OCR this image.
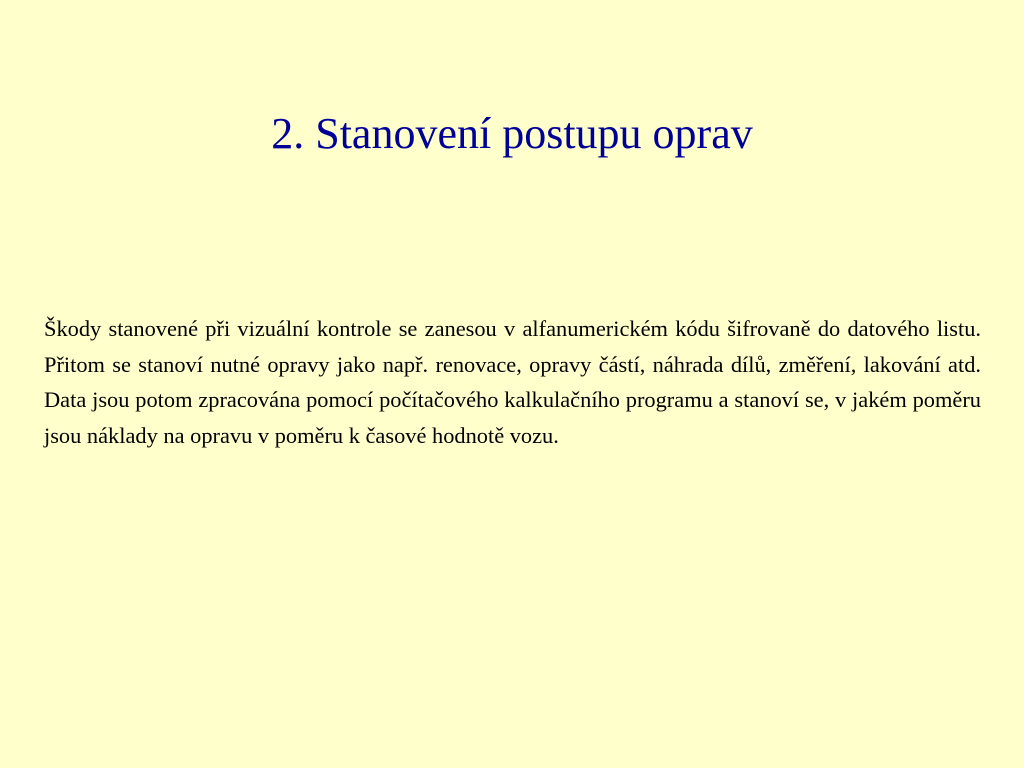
2. Stanovení postupu oprav

Škody stanovené při vizuální kontrole se zanesou v alfanumerickém kódu šifrovaně do datového listu. Přitom se stanoví nutné opravy jako např. renovace, opravy částí, náhrada dílů, změření, lakování atd. Data jsou potom zpracována pomocí počítačového kalkulačního programu a stanoví se, v jakém poměru jsou náklady na opravu v poměru k časové hodnotě vozu.
